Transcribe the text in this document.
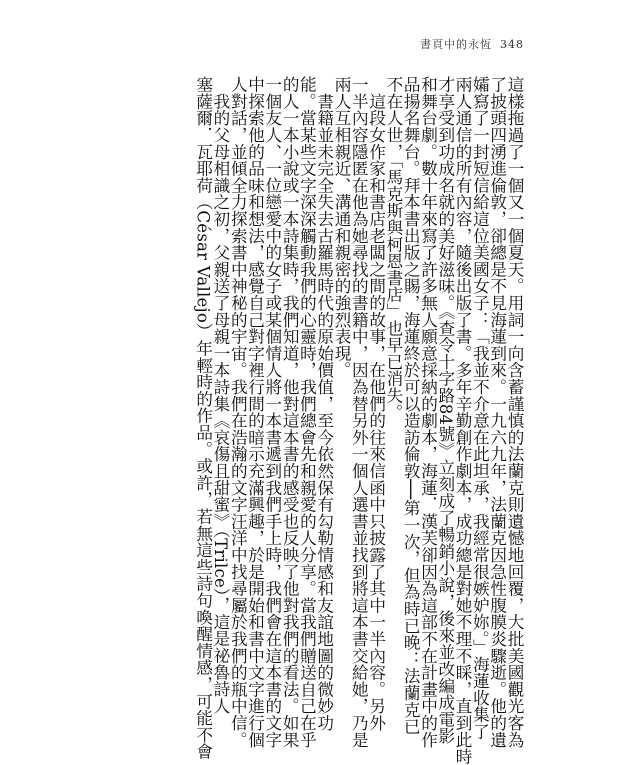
書頁中的永恆 348
這樣拖過了一個又一個夏天。用詞一向含蓄謹慎的法蘭克則遺憾地回覆，大批美國觀光客為
了披頭四湧進倫敦，卻總是不見海蓮到來。一九六九年，法蘭克因急性腹膜炎驟逝。他的遺
孀寫了一封短信給這位美國女子：「我並不介意在此坦承，我經常很嫉妒妳。」海蓮收集了
兩人通信的所有內容，隨後出版了書。多年辛勤創作劇本，成功總是對她不理不睬，直到此時
才享受到功成名就的美好滋味。《查令十字路84號》立刻成了暢銷小說，後來並改編成電影
和舞台劇。數十年來寫了許多無人願意採納的劇本，海蓮．漢芙卻因為這部不在計畫中的作
品揚名舞台。拜本書出版之賜，海蓮終於可以造訪倫敦──第一次，但為時已晚：法蘭克已
不在人世，「馬克斯與柯恩書店」也早已消失。
　這段女作家和書店老闆之間的故事，在他們的往來信函中只披露了其中一半內容。另外
一半內容隱匿在他為她尋找的書籍中，因為替另外一個人選書並找到將這本書交給她，乃是
兩人互相親近、溝通和親密的強烈表現。
　書籍並未完全失去古羅馬時代的原始價值，至今依然保有勾勒情感和友誼地圖的微妙功
能。當某些文字深深觸動我們的心靈時，我們總會先和親愛的人分享。當我們贈送自己在乎
的人一本小說或一本詩集時，我們知道，他對這本書的感受也反映了他對我們的看法。如果
一個友人、一位戀愛中的女子或某個情人將一本書遞到我們手上時，我們會在這本書的文字
中探索他的品味和想法，感覺自己對字裡行間的暗示充滿興趣，於是開始和書中文字進行個
人對話，並傾全力探索書中神秘的宇宙。我們在浩瀚的文字汪洋中找尋屬於我們的瓶中信。
　我的父母相識之初，父親送了母親一本詩集《哀傷且甜蜜》（Trilce），這是祕魯詩人
塞薩爾．瓦耶荷（César Vallejo）年輕時的作品。或許，若無這些詩句喚醒情感，可能不會
